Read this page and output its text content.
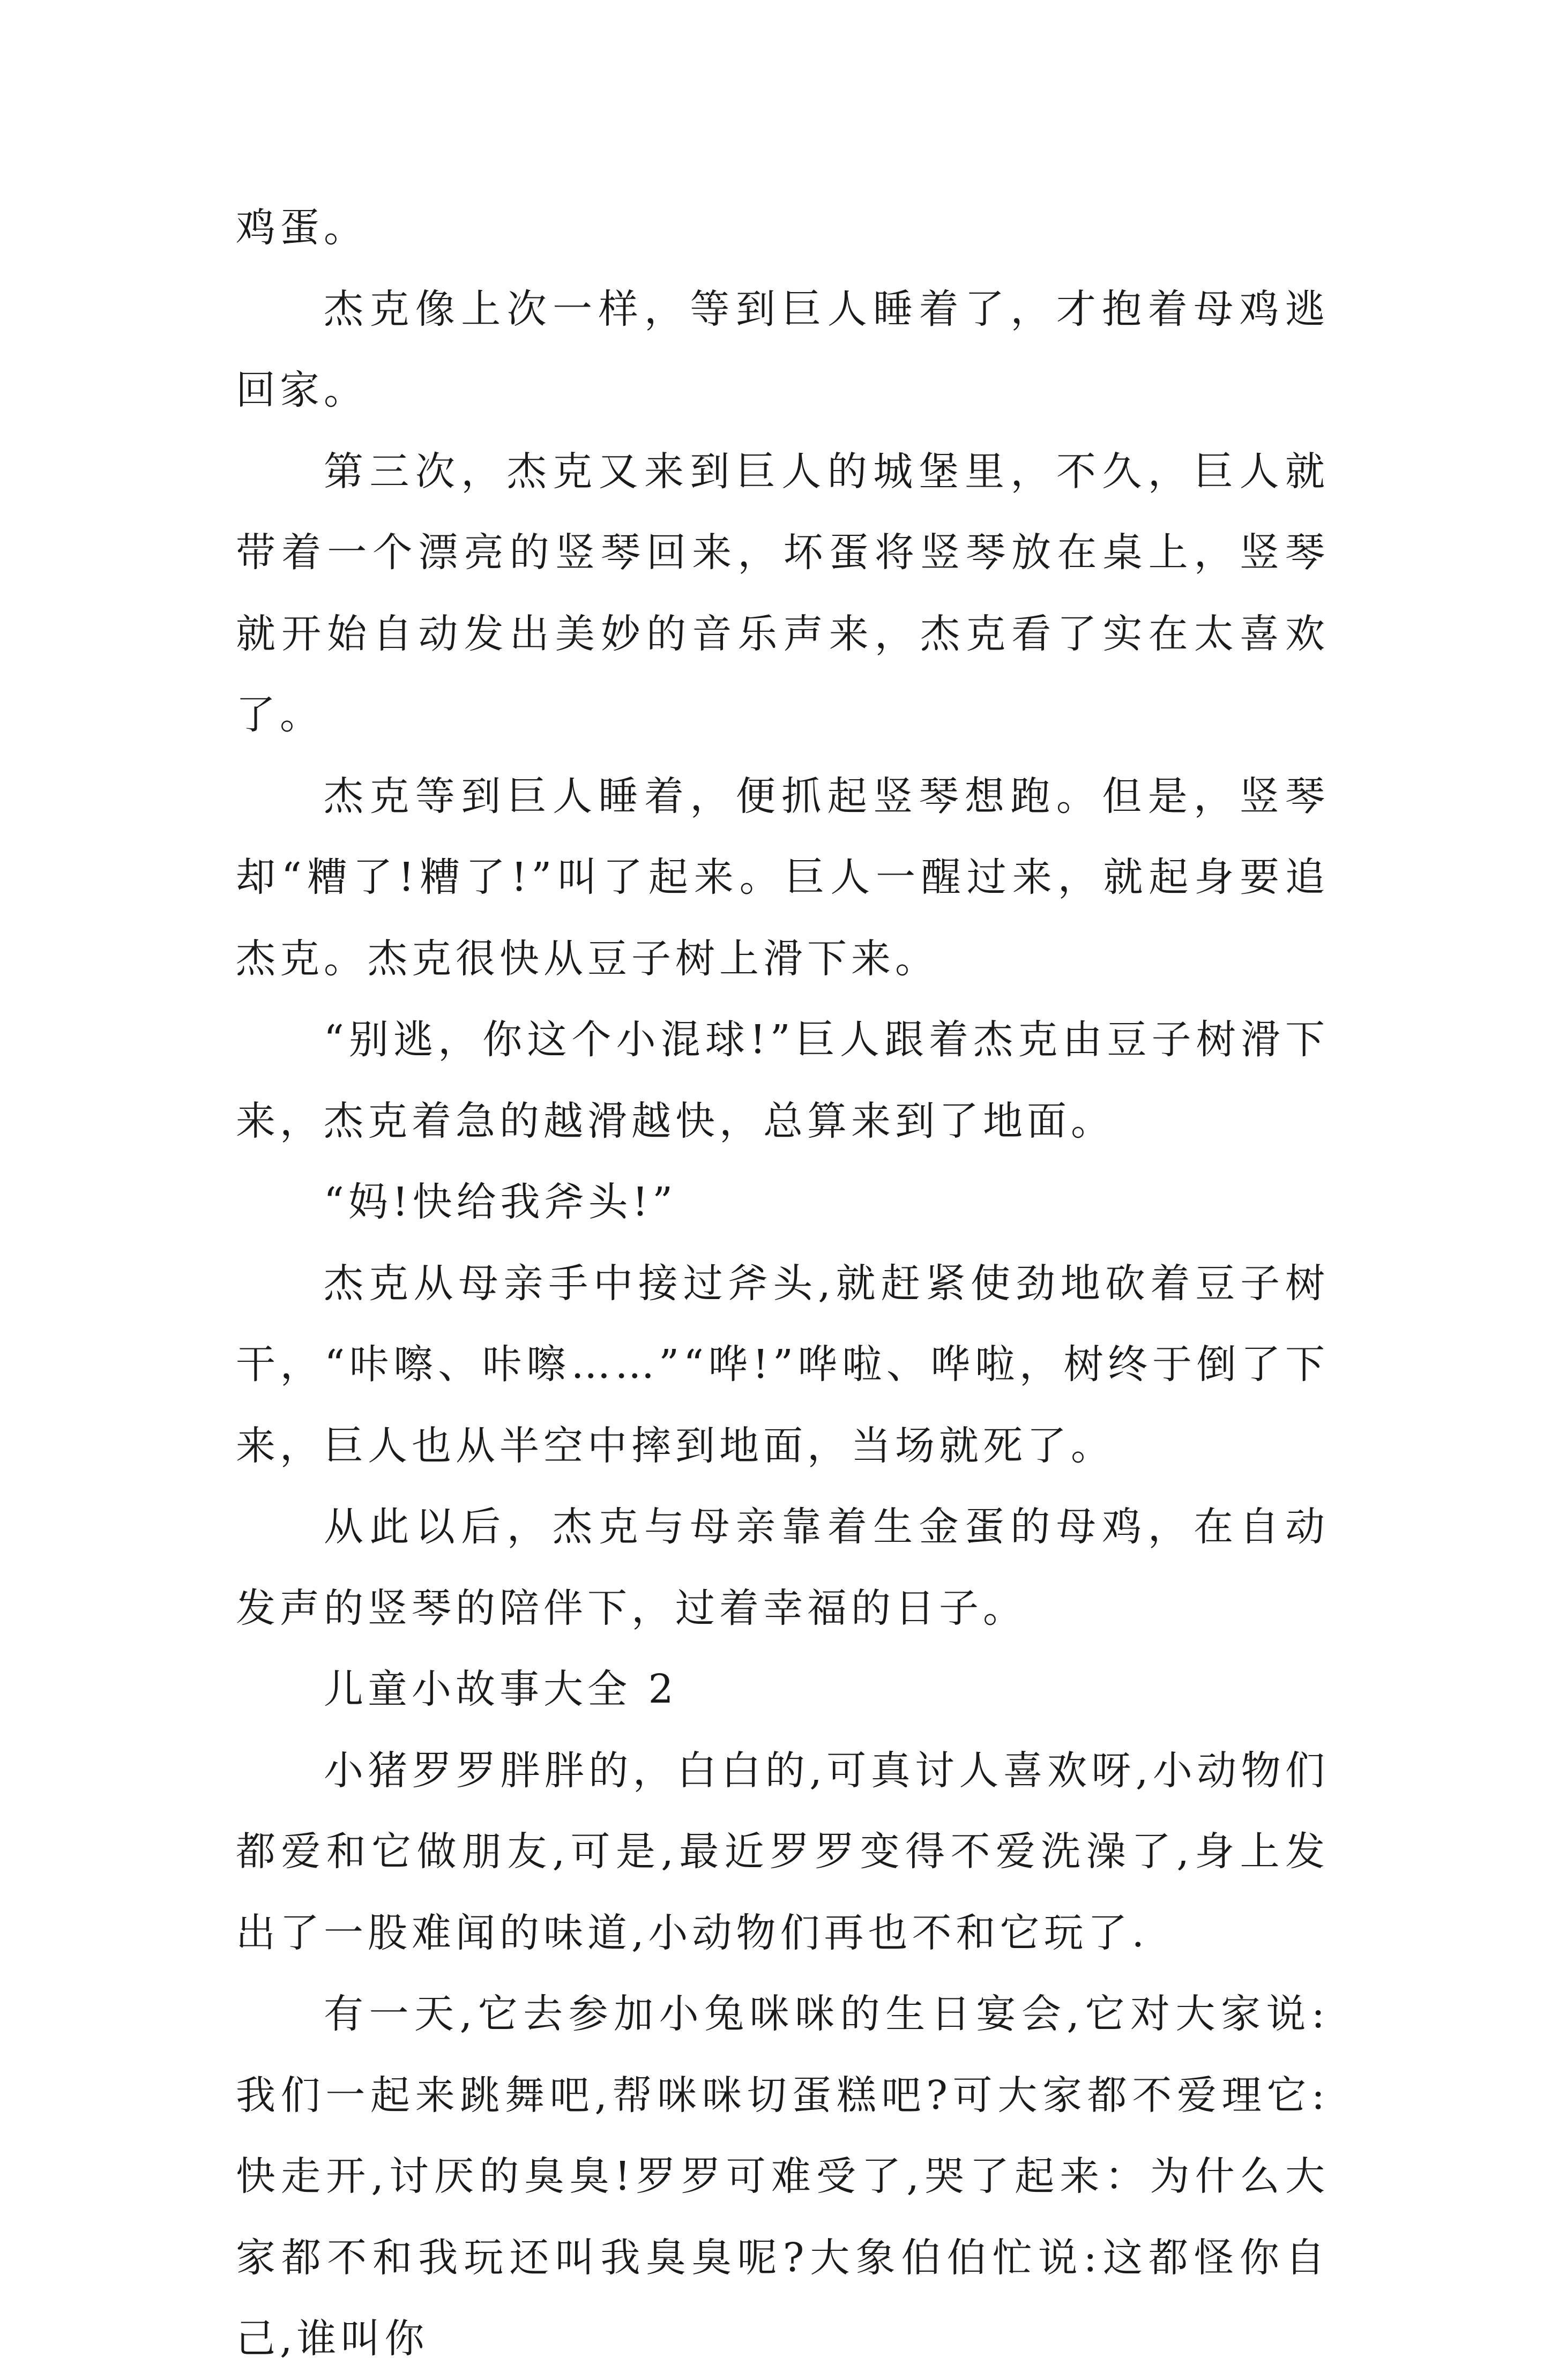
鸡蛋。

杰克像上次一样，等到巨人睡着了，才抱着母鸡逃回家。

第三次，杰克又来到巨人的城堡里，不久，巨人就带着一个漂亮的竖琴回来，坏蛋将竖琴放在桌上，竖琴就开始自动发出美妙的音乐声来，杰克看了实在太喜欢了。

杰克等到巨人睡着，便抓起竖琴想跑。但是，竖琴却“糟了!糟了!”叫了起来。巨人一醒过来，就起身要追杰克。杰克很快从豆子树上滑下来。

“别逃，你这个小混球!”巨人跟着杰克由豆子树滑下来，杰克着急的越滑越快，总算来到了地面。

“妈!快给我斧头!”

杰克从母亲手中接过斧头,就赶紧使劲地砍着豆子树干，“咔嚓、咔嚓……”“哗!”哗啦、哗啦，树终于倒了下来，巨人也从半空中摔到地面，当场就死了。

从此以后，杰克与母亲靠着生金蛋的母鸡，在自动发声的竖琴的陪伴下，过着幸福的日子。

儿童小故事大全 2

小猪罗罗胖胖的，白白的,可真讨人喜欢呀,小动物们都爱和它做朋友,可是,最近罗罗变得不爱洗澡了,身上发出了一股难闻的味道,小动物们再也不和它玩了.

有一天,它去参加小兔咪咪的生日宴会,它对大家说:我们一起来跳舞吧,帮咪咪切蛋糕吧?可大家都不爱理它:快走开,讨厌的臭臭!罗罗可难受了,哭了起来：为什么大家都不和我玩还叫我臭臭呢?大象伯伯忙说:这都怪你自己,谁叫你
